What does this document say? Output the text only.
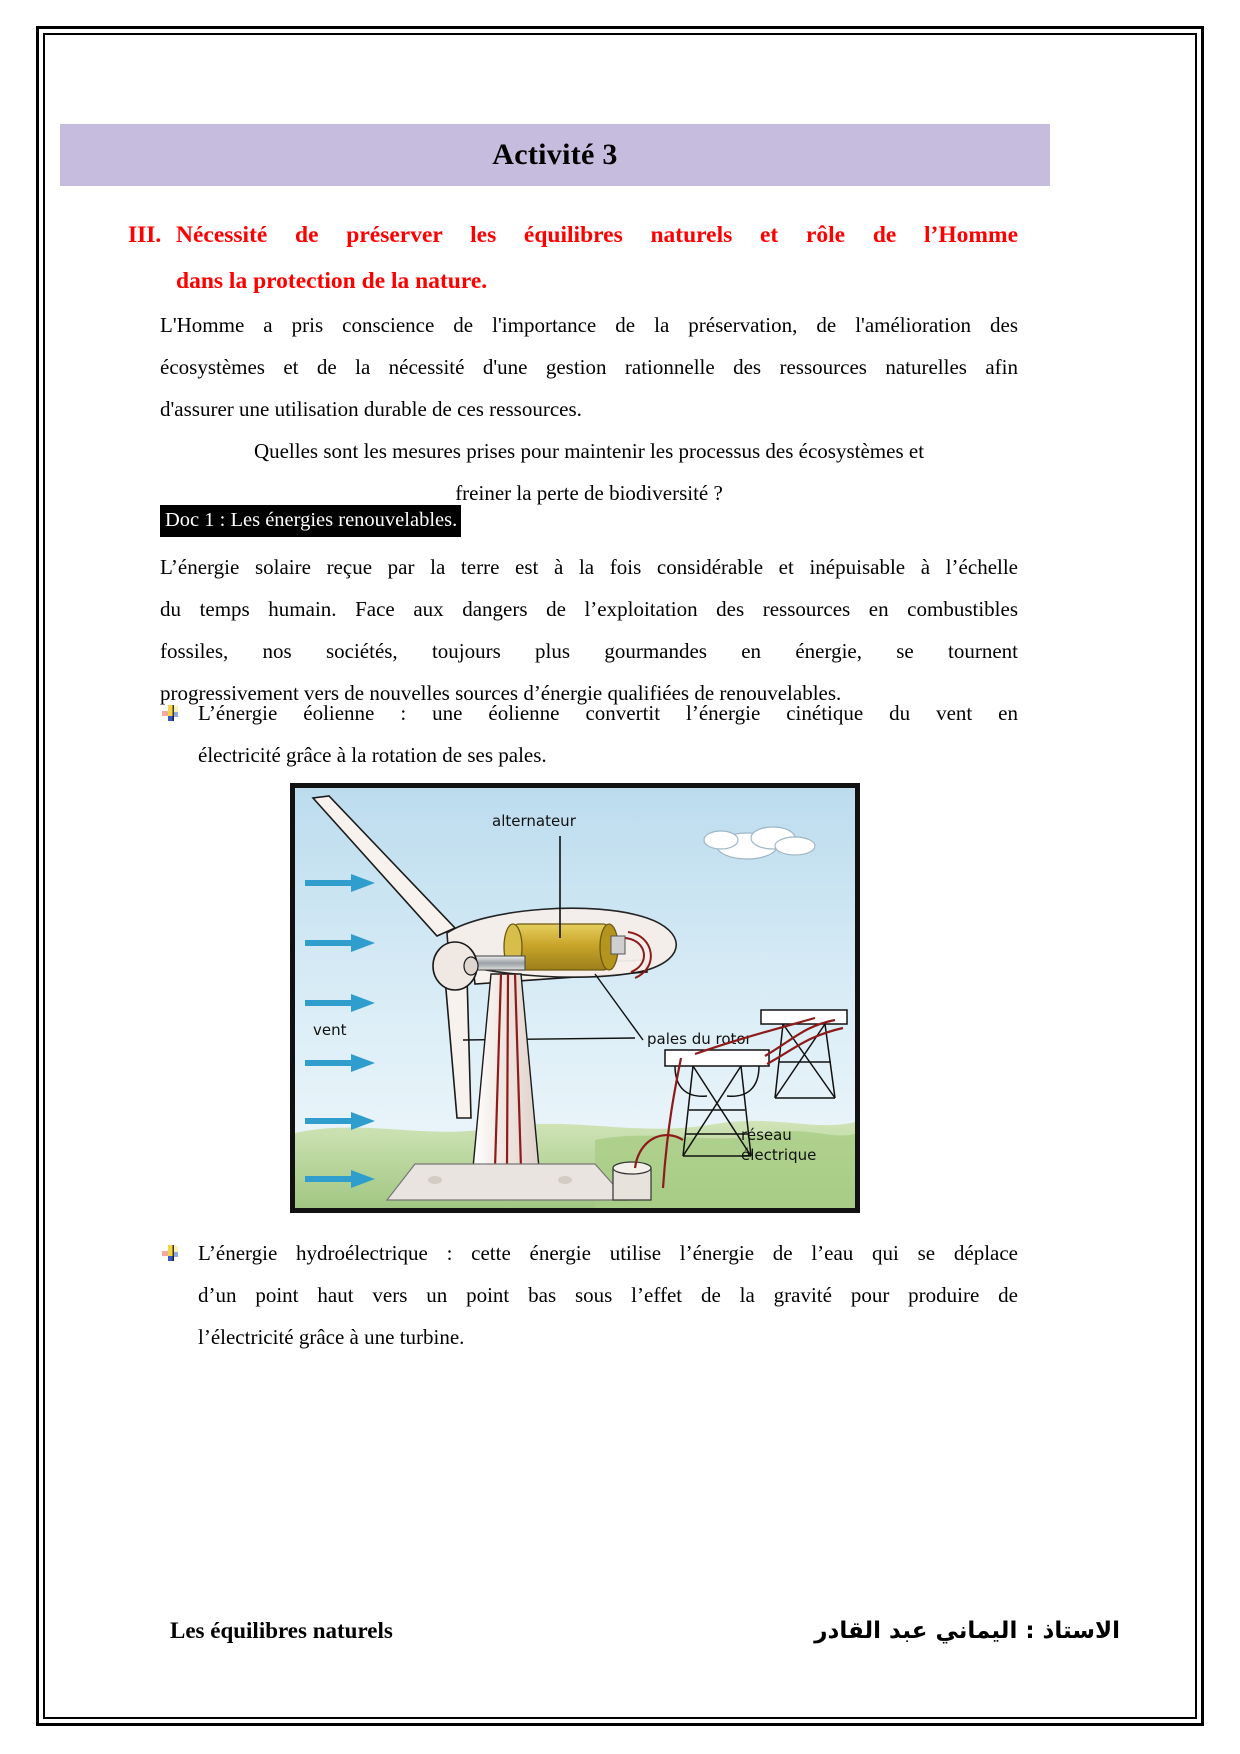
Activité 3
III. Nécessité de préserver les équilibres naturels et rôle de l’Homme
dans la protection de la nature.
L'Homme a pris conscience de l'importance de la préservation, de l'amélioration des
écosystèmes et de la nécessité d'une gestion rationnelle des ressources naturelles afin
d'assurer une utilisation durable de ces ressources.
Quelles sont les mesures prises pour maintenir les processus des écosystèmes et
freiner la perte de biodiversité ?
Doc 1 : Les énergies renouvelables.
L’énergie solaire reçue par la terre est à la fois considérable et inépuisable à l’échelle
du temps humain. Face aux dangers de l’exploitation des ressources en combustibles
fossiles, nos sociétés, toujours plus gourmandes en énergie, se tournent
progressivement vers de nouvelles sources d’énergie qualifiées de renouvelables.
L’énergie éolienne : une éolienne convertit l’énergie cinétique du vent en
électricité grâce à la rotation de ses pales.
vent
alternateur
pales du rotor
réseau
électrique
L’énergie hydroélectrique : cette énergie utilise l’énergie de l’eau qui se déplace
d’un point haut vers un point bas sous l’effet de la gravité pour produire de
l’électricité grâce à une turbine.
Les équilibres naturels	الاستاذ : اليماني عبد القادر
